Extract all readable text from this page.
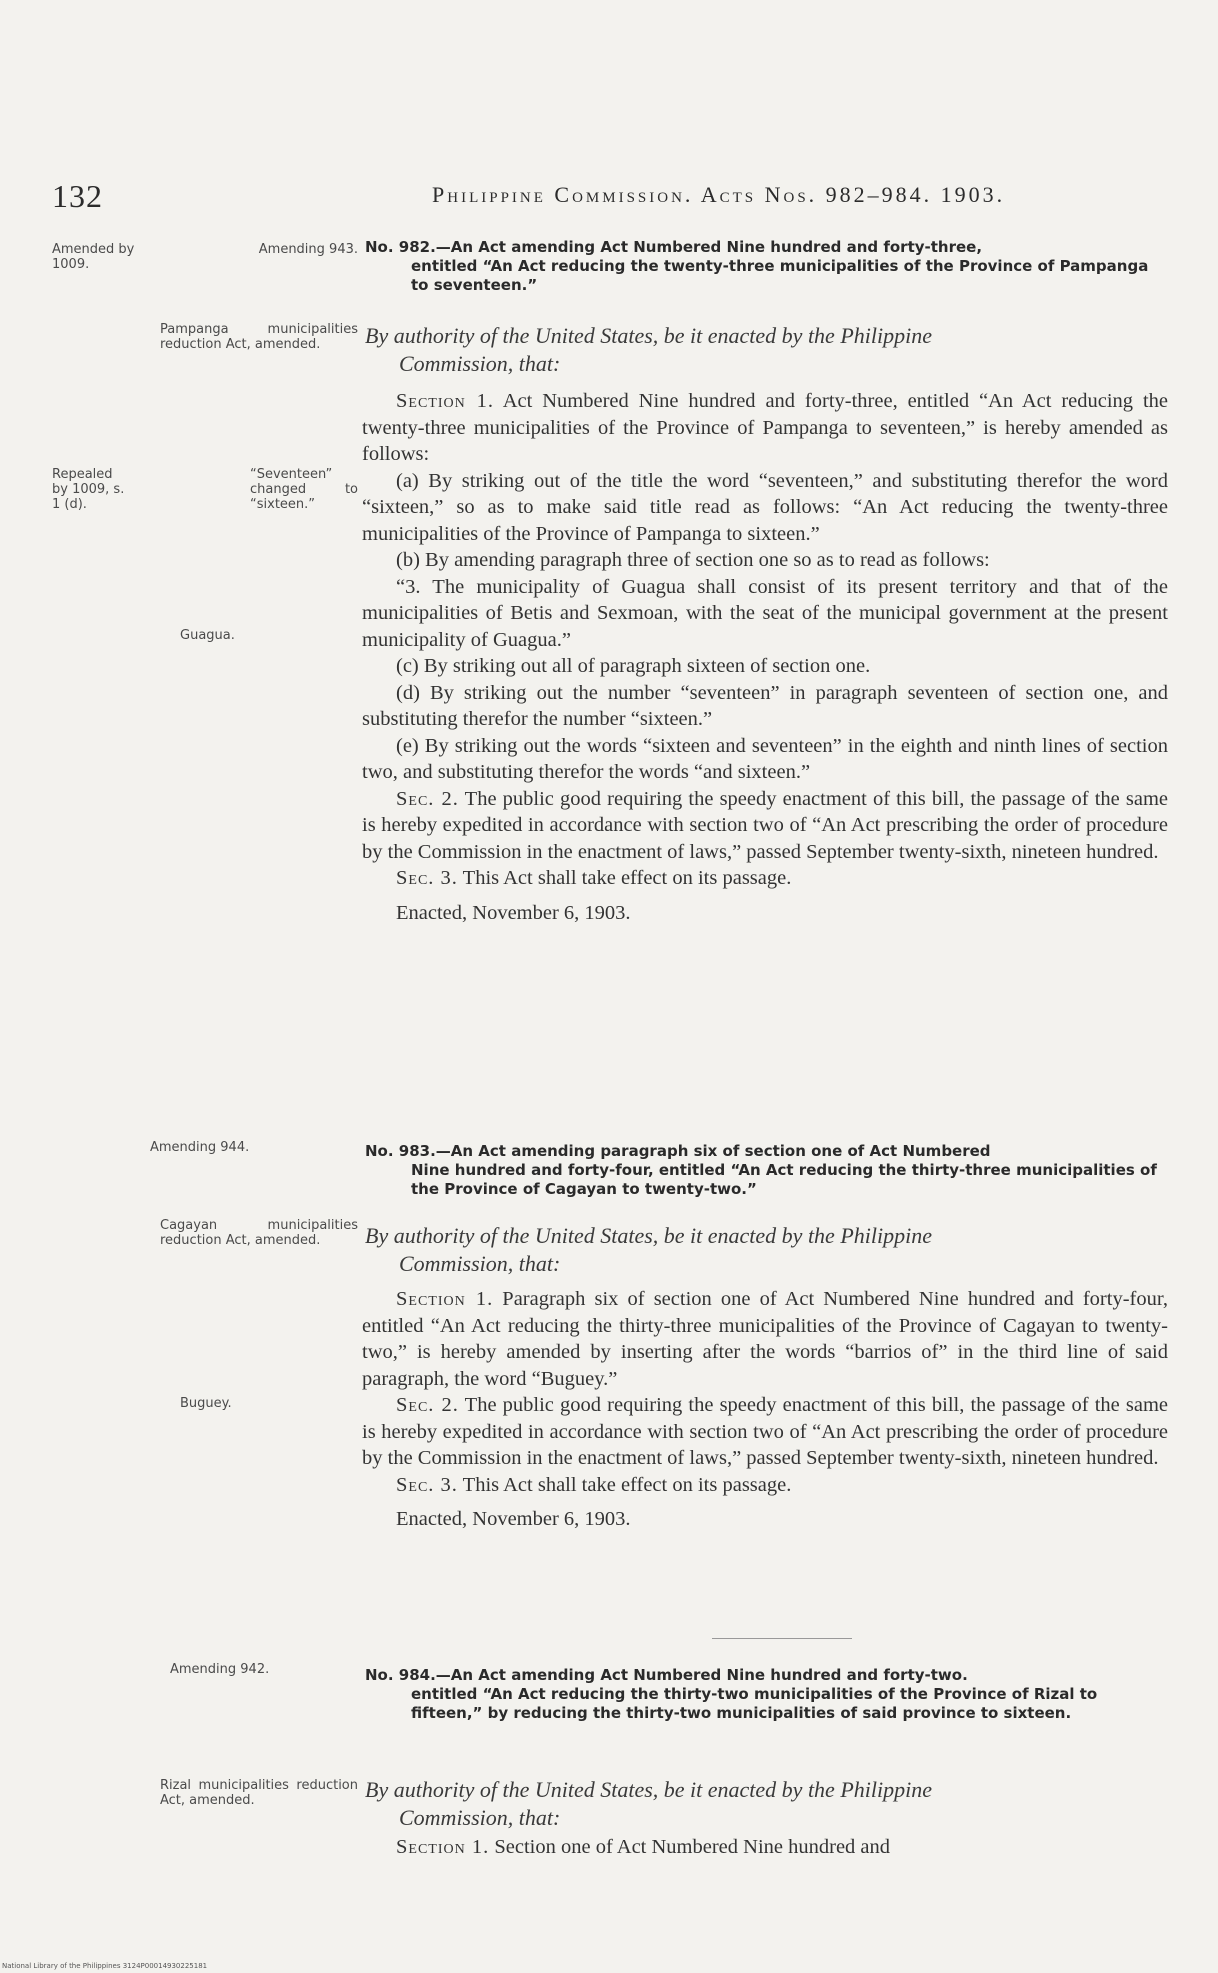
132	Philippine Commission. Acts Nos. 982–984. 1903.
Amended by 1009.
Amending 943. No. 982.—An Act amending Act Numbered Nine hundred and forty-three,
entitled “An Act reducing the twenty-three municipalities of the Province of Pampanga to seventeen.”
Pampanga municipalities reduction Act, amended.	By authority of the United States, be it enacted by the Philippine
Commission, that:
Repealed by 1009, s. 1 (d).
“Seventeen” changed to “sixteen.”
Guagua.

Section 1. Act Numbered Nine hundred and forty-three, entitled “An Act reducing the twenty-three municipalities of the Province of Pampanga to seventeen,” is hereby amended as follows:

(a) By striking out of the title the word “seventeen,” and substituting therefor the word “sixteen,” so as to make said title read as follows: “An Act reducing the twenty-three municipalities of the Province of Pampanga to sixteen.”

(b) By amending paragraph three of section one so as to read as follows:

“3. The municipality of Guagua shall consist of its present territory and that of the municipalities of Betis and Sexmoan, with the seat of the municipal government at the present municipality of Guagua.”

(c) By striking out all of paragraph sixteen of section one.

(d) By striking out the number “seventeen” in paragraph seventeen of section one, and substituting therefor the number “sixteen.”

(e) By striking out the words “sixteen and seventeen” in the eighth and ninth lines of section two, and substituting therefor the words “and sixteen.”

Sec. 2. The public good requiring the speedy enactment of this bill, the passage of the same is hereby expedited in accordance with section two of “An Act prescribing the order of procedure by the Commission in the enactment of laws,” passed September twenty-sixth, nineteen hundred.

Sec. 3. This Act shall take effect on its passage.

Enacted, November 6, 1903.

Amending 944.	No. 983.—An Act amending paragraph six of section one of Act Numbered
Nine hundred and forty-four, entitled “An Act reducing the thirty-three municipalities of the Province of Cagayan to twenty-two.”
Cagayan municipalities reduction Act, amended.	By authority of the United States, be it enacted by the Philippine
Commission, that:
Buguey.

Section 1. Paragraph six of section one of Act Numbered Nine hundred and forty-four, entitled “An Act reducing the thirty-three municipalities of the Province of Cagayan to twenty-two,” is hereby amended by inserting after the words “barrios of” in the third line of said paragraph, the word “Buguey.”

Sec. 2. The public good requiring the speedy enactment of this bill, the passage of the same is hereby expedited in accordance with section two of “An Act prescribing the order of procedure by the Commission in the enactment of laws,” passed September twenty-sixth, nineteen hundred.

Sec. 3. This Act shall take effect on its passage.

Enacted, November 6, 1903.

Amending 942.	No. 984.—An Act amending Act Numbered Nine hundred and forty-two.
entitled “An Act reducing the thirty-two municipalities of the Province of Rizal to fifteen,” by reducing the thirty-two municipalities of said province to sixteen.
Rizal municipalities reduction Act, amended.	By authority of the United States, be it enacted by the Philippine
Commission, that:

Section 1. Section one of Act Numbered Nine hundred and

National Library of the Philippines 3124P00014930225181
